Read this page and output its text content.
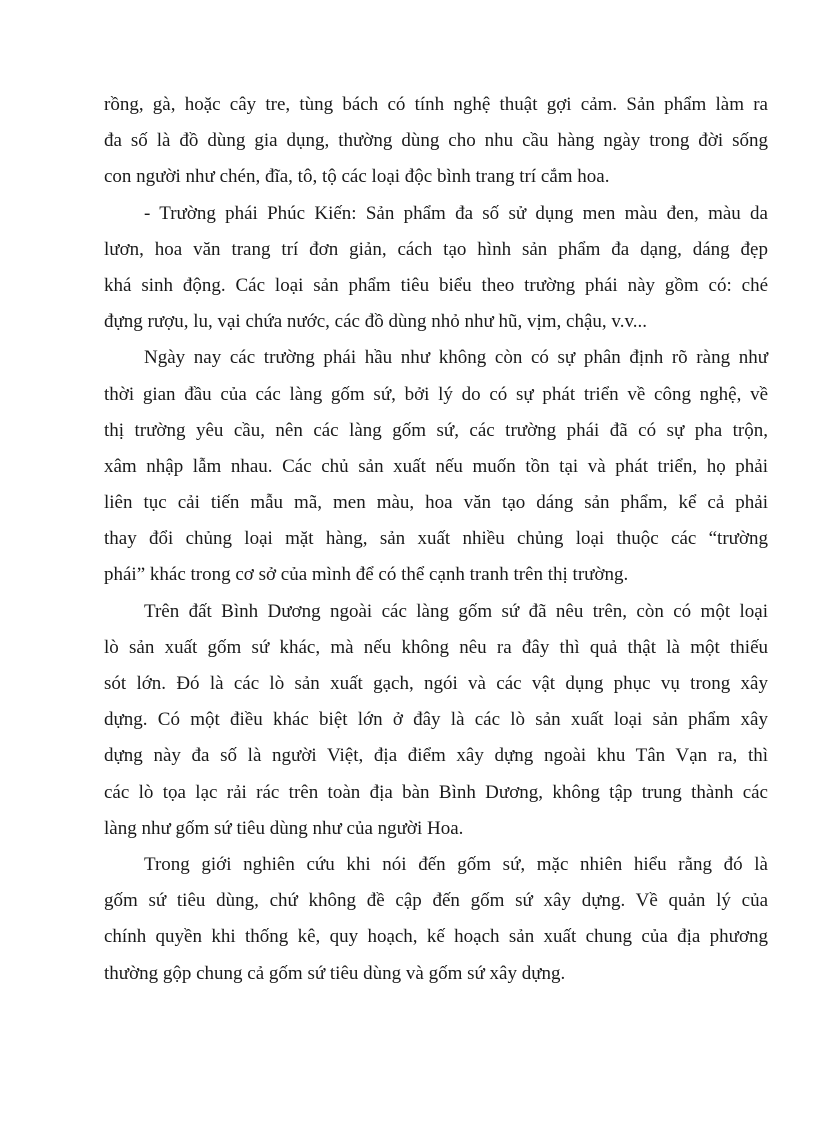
rồng, gà, hoặc cây tre, tùng bách có tính nghệ thuật gợi cảm. Sản phẩm làm ra
đa số là đồ dùng gia dụng, thường dùng cho nhu cầu hàng ngày trong đời sống
con người như chén, đĩa, tô, tộ các loại độc bình trang trí cắm hoa.
- Trường phái Phúc Kiến: Sản phẩm đa số sử dụng men màu đen, màu da
lươn, hoa văn trang trí đơn giản, cách tạo hình sản phẩm đa dạng, dáng đẹp
khá sinh động. Các loại sản phẩm tiêu biểu theo trường phái này gồm có: ché
đựng rượu, lu, vại chứa nước, các đồ dùng nhỏ như hũ, vịm, chậu, v.v...
Ngày nay các trường phái hầu như không còn có sự phân định rõ ràng như
thời gian đầu của các làng gốm sứ, bởi lý do có sự phát triển về công nghệ, về
thị trường yêu cầu, nên các làng gốm sứ, các trường phái đã có sự pha trộn,
xâm nhập lẫm nhau. Các chủ sản xuất nếu muốn tồn tại và phát triển, họ phải
liên tục cải tiến mẫu mã, men màu, hoa văn tạo dáng sản phẩm, kể cả phải
thay đổi chủng loại mặt hàng, sản xuất nhiều chủng loại thuộc các “trường
phái” khác trong cơ sở của mình để có thể cạnh tranh trên thị trường.
Trên đất Bình Dương ngoài các làng gốm sứ đã nêu trên, còn có một loại
lò sản xuất gốm sứ khác, mà nếu không nêu ra đây thì quả thật là một thiếu
sót lớn. Đó là các lò sản xuất gạch, ngói và các vật dụng phục vụ trong xây
dựng. Có một điều khác biệt lớn ở đây là các lò sản xuất loại sản phẩm xây
dựng này đa số là người Việt, địa điểm xây dựng ngoài khu Tân Vạn ra, thì
các lò tọa lạc rải rác trên toàn địa bàn Bình Dương, không tập trung thành các
làng như gốm sứ tiêu dùng như của người Hoa.
Trong giới nghiên cứu khi nói đến gốm sứ, mặc nhiên hiểu rằng đó là
gốm sứ tiêu dùng, chứ không đề cập đến gốm sứ xây dựng. Về quản lý của
chính quyền khi thống kê, quy hoạch, kế hoạch sản xuất chung của địa phương
thường gộp chung cả gốm sứ tiêu dùng và gốm sứ xây dựng.
